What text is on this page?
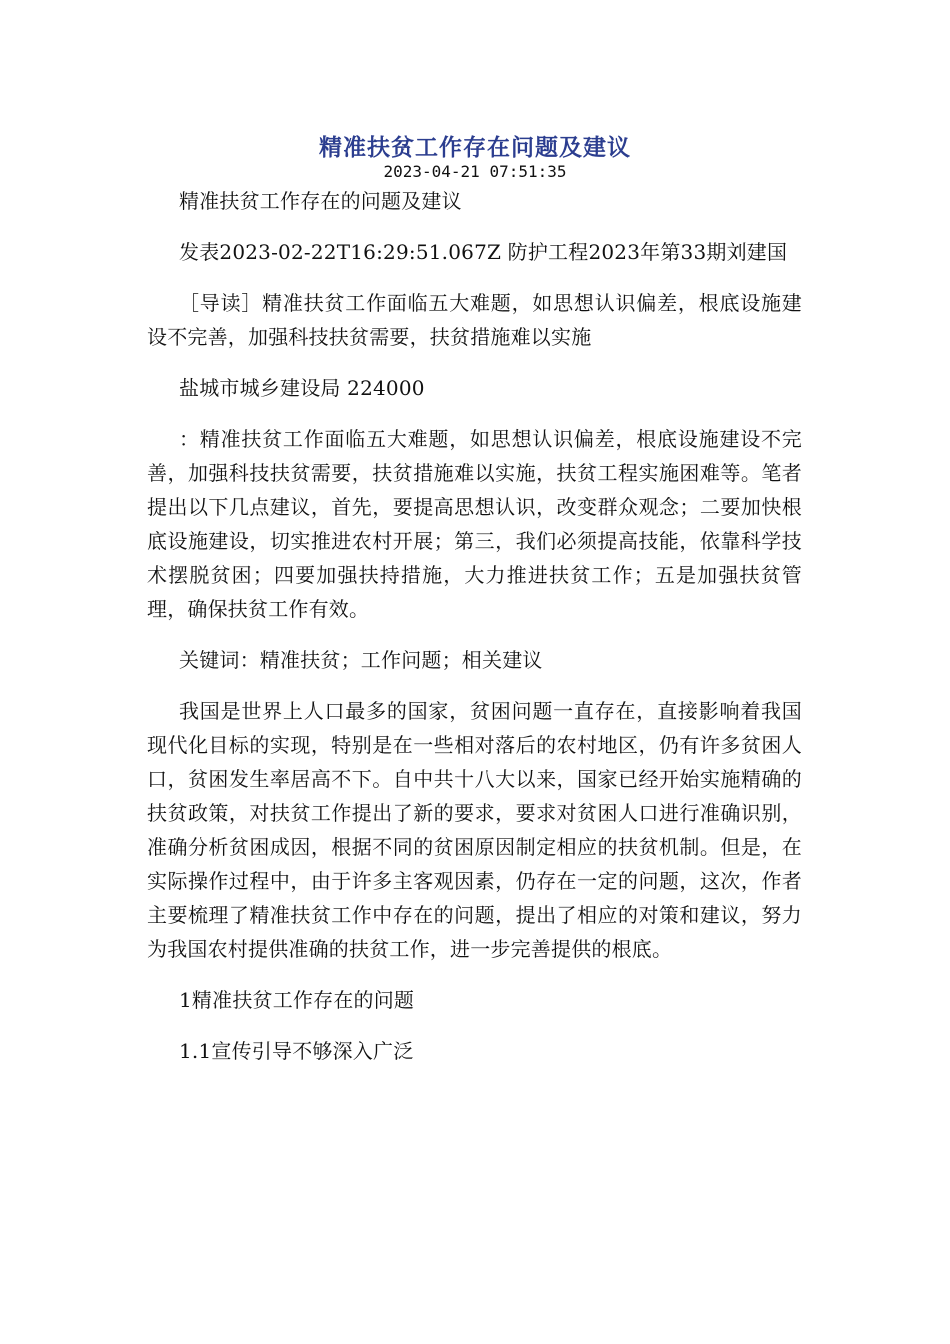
精准扶贫工作存在问题及建议
2023-04-21 07:51:35

精准扶贫工作存在的问题及建议

发表2023-02-22T16:29:51.067Z 防护工程2023年第33期刘建国

［导读］精准扶贫工作面临五大难题，如思想认识偏差，根底设施建设不完善，加强科技扶贫需要，扶贫措施难以实施

盐城市城乡建设局 224000

：精准扶贫工作面临五大难题，如思想认识偏差，根底设施建设不完善，加强科技扶贫需要，扶贫措施难以实施，扶贫工程实施困难等。笔者提出以下几点建议，首先，要提高思想认识，改变群众观念；二要加快根底设施建设，切实推进农村开展；第三，我们必须提高技能，依靠科学技术摆脱贫困；四要加强扶持措施，大力推进扶贫工作；五是加强扶贫管理，确保扶贫工作有效。

关键词：精准扶贫；工作问题；相关建议

我国是世界上人口最多的国家，贫困问题一直存在，直接影响着我国现代化目标的实现，特别是在一些相对落后的农村地区，仍有许多贫困人口，贫困发生率居高不下。自中共十八大以来，国家已经开始实施精确的扶贫政策，对扶贫工作提出了新的要求，要求对贫困人口进行准确识别，准确分析贫困成因，根据不同的贫困原因制定相应的扶贫机制。但是，在实际操作过程中，由于许多主客观因素，仍存在一定的问题，这次，作者主要梳理了精准扶贫工作中存在的问题，提出了相应的对策和建议，努力为我国农村提供准确的扶贫工作，进一步完善提供的根底。

1精准扶贫工作存在的问题

1.1宣传引导不够深入广泛
